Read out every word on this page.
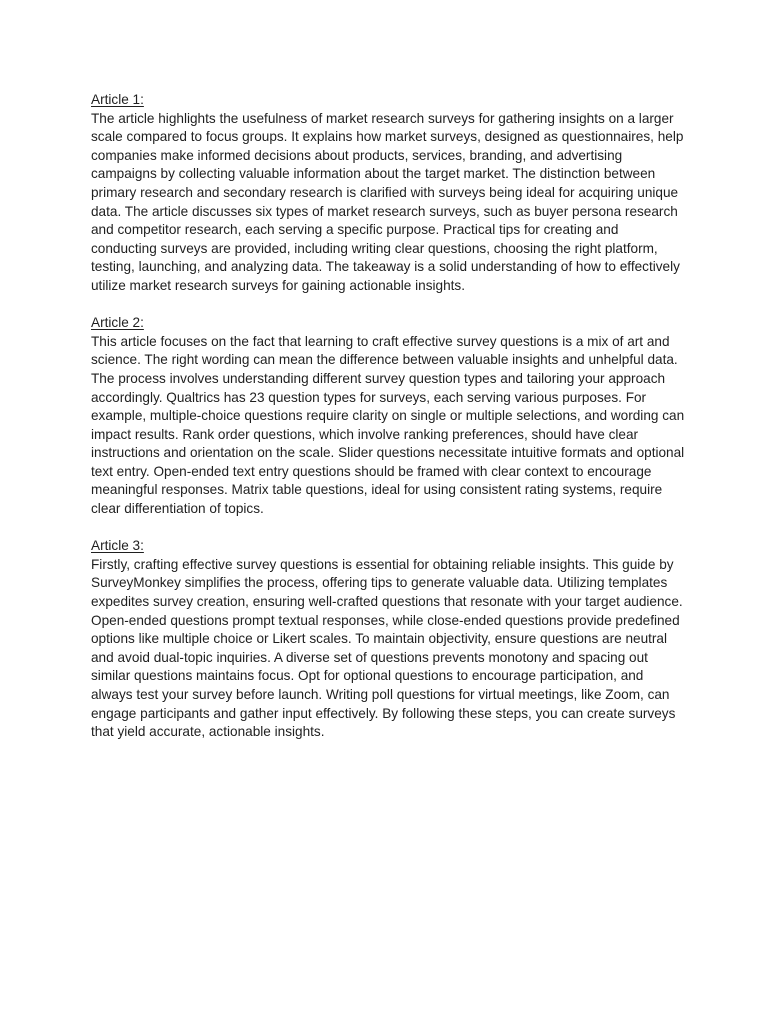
Article 1:

The article highlights the usefulness of market research surveys for gathering insights on a larger scale compared to focus groups. It explains how market surveys, designed as questionnaires, help companies make informed decisions about products, services, branding, and advertising campaigns by collecting valuable information about the target market. The distinction between primary research and secondary research is clarified with surveys being ideal for acquiring unique data. The article discusses six types of market research surveys, such as buyer persona research and competitor research, each serving a specific purpose. Practical tips for creating and conducting surveys are provided, including writing clear questions, choosing the right platform, testing, launching, and analyzing data. The takeaway is a solid understanding of how to effectively utilize market research surveys for gaining actionable insights.

Article 2:

This article focuses on the fact that learning to craft effective survey questions is a mix of art and science. The right wording can mean the difference between valuable insights and unhelpful data. The process involves understanding different survey question types and tailoring your approach accordingly. Qualtrics has 23 question types for surveys, each serving various purposes. For example, multiple-choice questions require clarity on single or multiple selections, and wording can impact results. Rank order questions, which involve ranking preferences, should have clear instructions and orientation on the scale. Slider questions necessitate intuitive formats and optional text entry. Open-ended text entry questions should be framed with clear context to encourage meaningful responses. Matrix table questions, ideal for using consistent rating systems, require clear differentiation of topics.

Article 3:

Firstly, crafting effective survey questions is essential for obtaining reliable insights. This guide by SurveyMonkey simplifies the process, offering tips to generate valuable data. Utilizing templates expedites survey creation, ensuring well-crafted questions that resonate with your target audience. Open-ended questions prompt textual responses, while close-ended questions provide predefined options like multiple choice or Likert scales. To maintain objectivity, ensure questions are neutral and avoid dual-topic inquiries. A diverse set of questions prevents monotony and spacing out similar questions maintains focus. Opt for optional questions to encourage participation, and always test your survey before launch. Writing poll questions for virtual meetings, like Zoom, can engage participants and gather input effectively. By following these steps, you can create surveys that yield accurate, actionable insights.
